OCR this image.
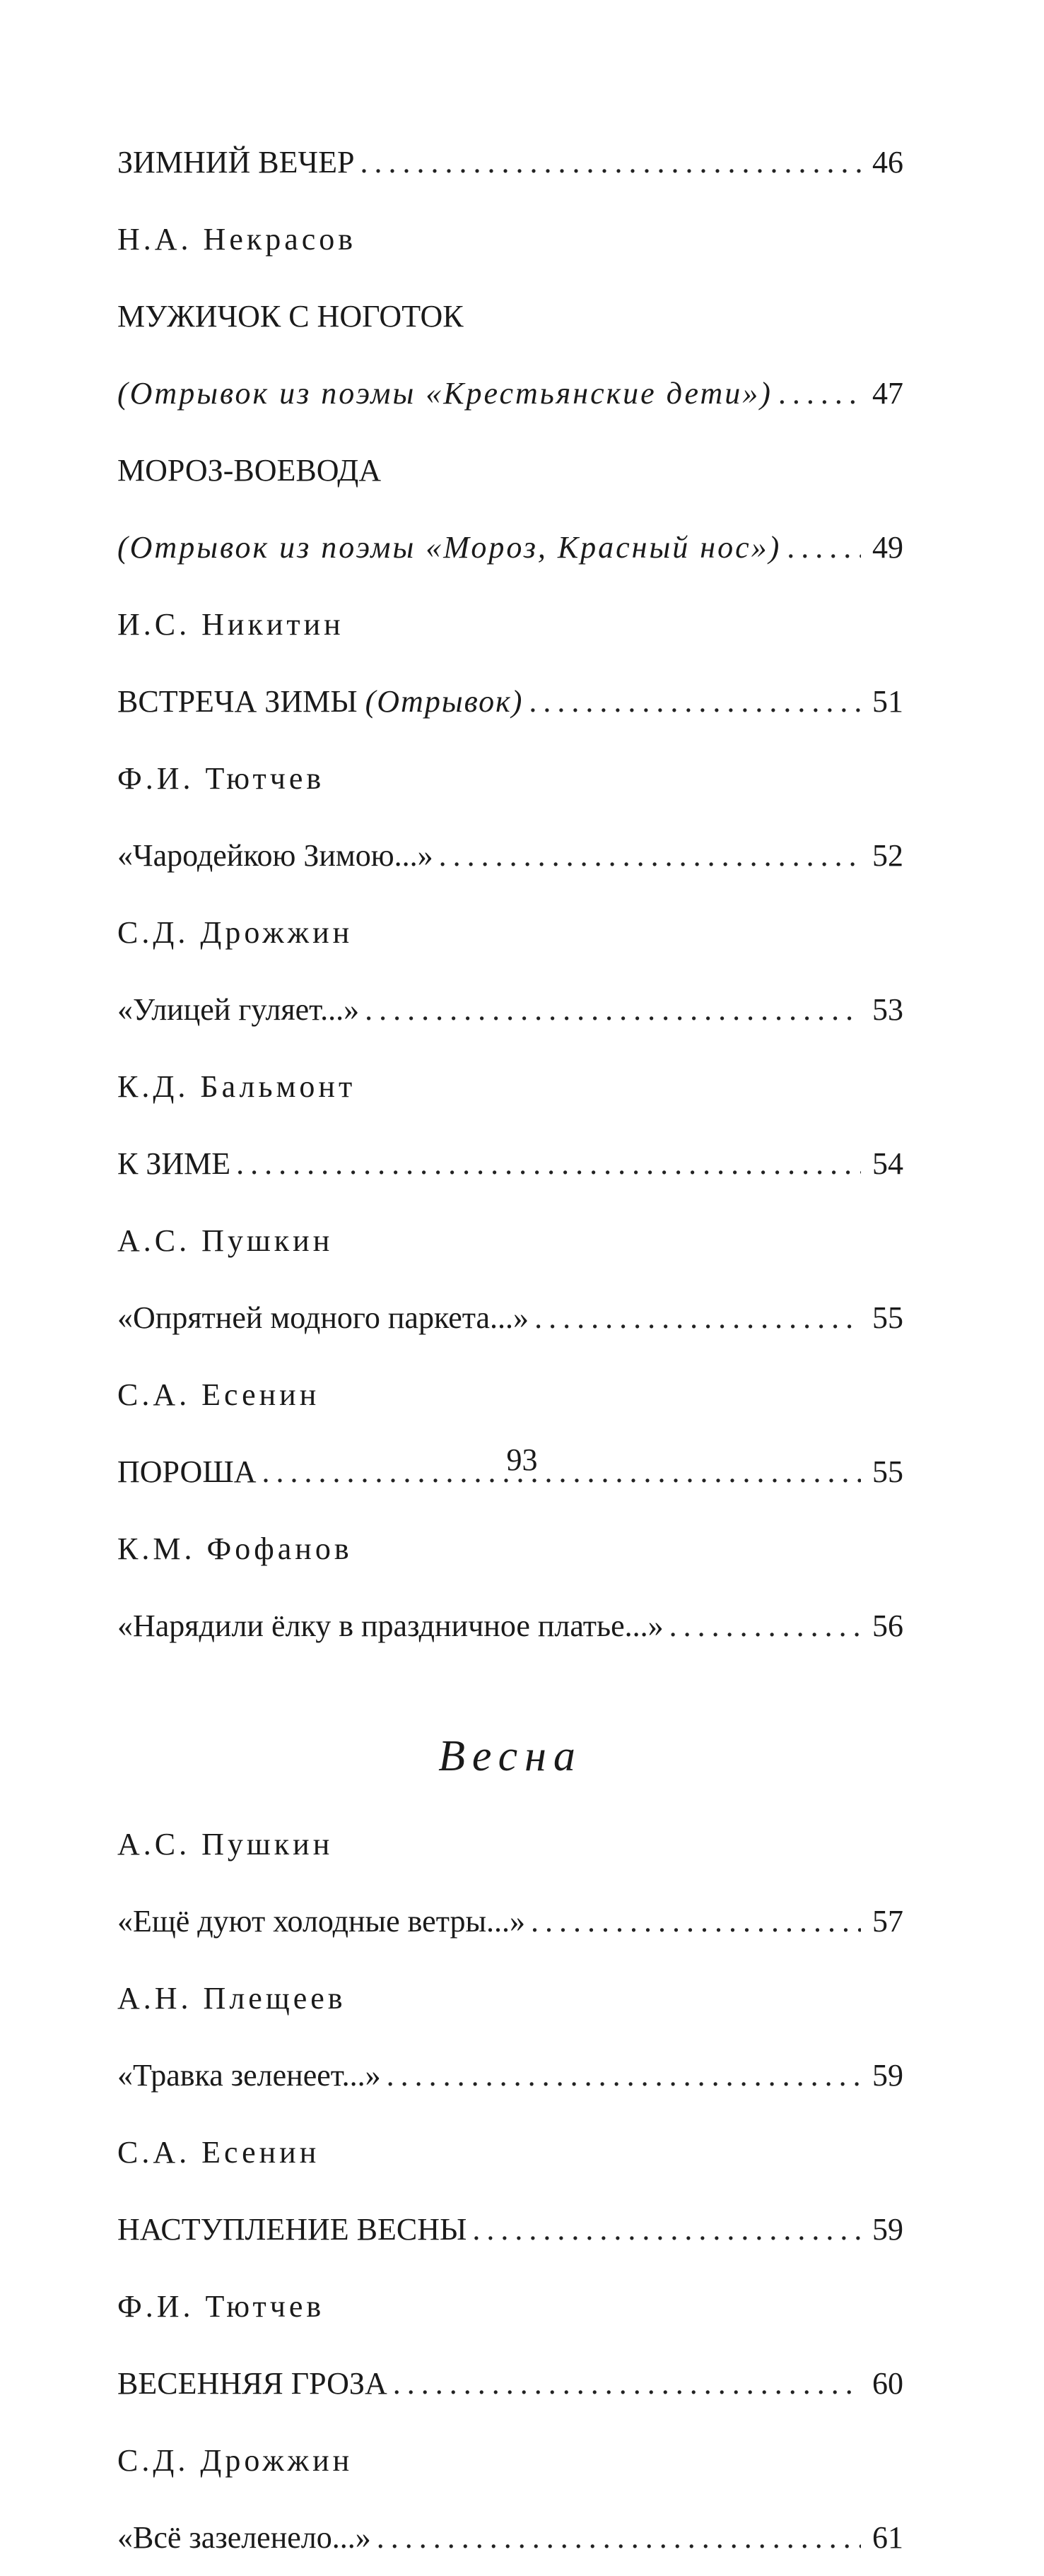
ЗИМНИЙ ВЕЧЕР .....	46
Н.А. Некрасов
МУЖИЧОК С НОГОТОК
(Отрывок из поэмы «Крестьянские дети») .....	47
МОРОЗ-ВОЕВОДА
(Отрывок из поэмы «Мороз, Красный нос») .....	49
И.С. Никитин
ВСТРЕЧА ЗИМЫ (Отрывок) .....	51
Ф.И. Тютчев
«Чародейкою Зимою...» .....	52
С.Д. Дрожжин
«Улицей гуляет...» .....	53
К.Д. Бальмонт
К ЗИМЕ .....	54
А.С. Пушкин
«Опрятней модного паркета...» .....	55
С.А. Есенин
ПОРОША .....	55
К.М. Фофанов
«Нарядили ёлку в праздничное платье...» .....	56
Весна
А.С. Пушкин
«Ещё дуют холодные ветры...» .....	57
А.Н. Плещеев
«Травка зеленеет...» .....	59
С.А. Есенин
НАСТУПЛЕНИЕ ВЕСНЫ .....	59
Ф.И. Тютчев
ВЕСЕННЯЯ ГРОЗА .....	60
С.Д. Дрожжин
«Всё зазеленело...» .....	61
93
